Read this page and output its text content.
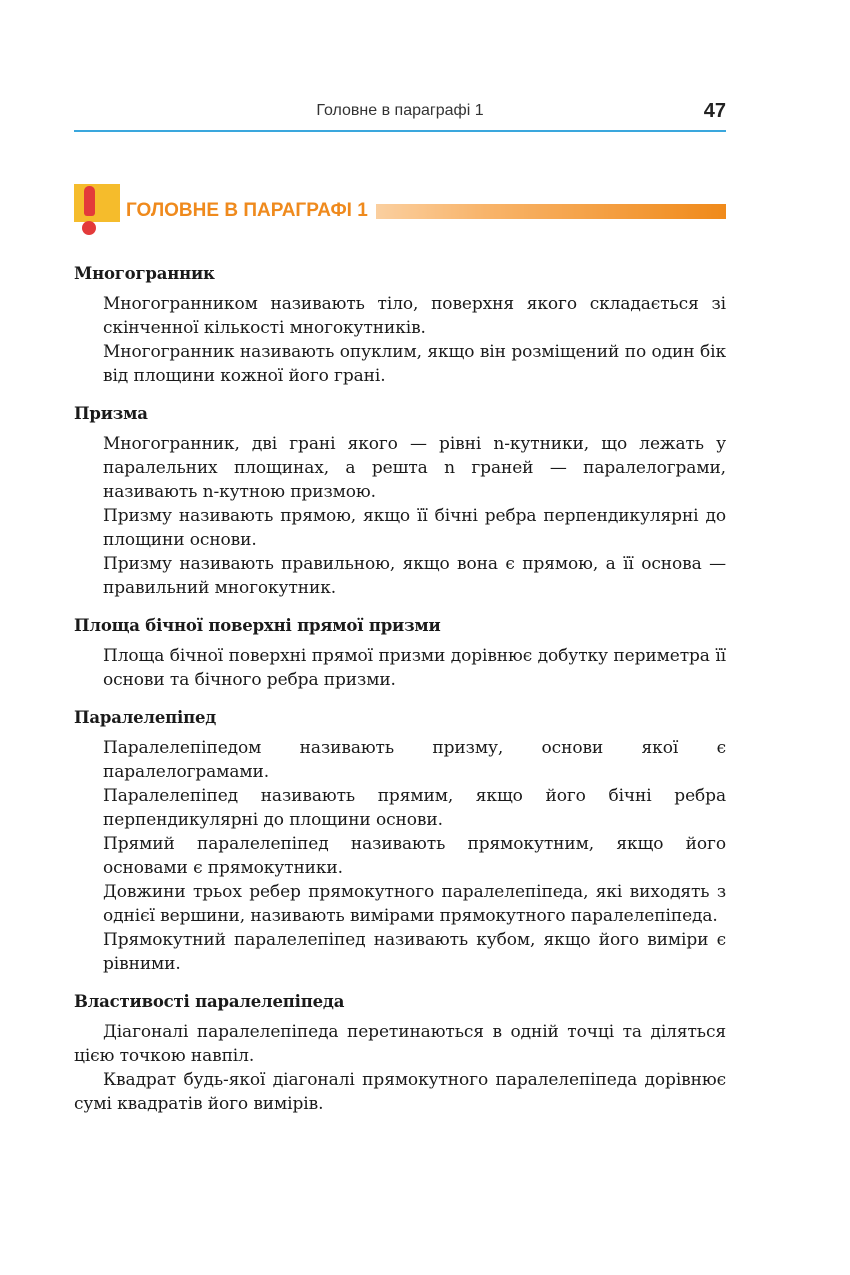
Головне в параграфі 1	47
ГОЛОВНЕ В ПАРАГРАФІ 1
Многогранник

Многогранником називають тіло, поверхня якого складається зі скінченної кількості многокутників.

Многогранник називають опуклим, якщо він розміщений по один бік від площини кожної його грані.

Призма

Многогранник, дві грані якого — рівні n-кутники, що лежать у паралельних площинах, а решта n граней — паралелограми, називають n-кутною призмою.

Призму називають прямою, якщо її бічні ребра перпендикулярні до площини основи.

Призму називають правильною, якщо вона є прямою, а її основа — правильний многокутник.

Площа бічної поверхні прямої призми

Площа бічної поверхні прямої призми дорівнює добутку периметра її основи та бічного ребра призми.

Паралелепіпед

Паралелепіпедом називають призму, основи якої є паралелограмами.

Паралелепіпед називають прямим, якщо його бічні ребра перпендикулярні до площини основи.

Прямий паралелепіпед називають прямокутним, якщо його основами є прямокутники.

Довжини трьох ребер прямокутного паралелепіпеда, які виходять з однієї вершини, називають вимірами прямокутного паралелепіпеда.

Прямокутний паралелепіпед називають кубом, якщо його виміри є рівними.

Властивості паралелепіпеда

Діагоналі паралелепіпеда перетинаються в одній точці та діляться цією точкою навпіл.

Квадрат будь-якої діагоналі прямокутного паралелепіпеда дорівнює сумі квадратів його вимірів.
